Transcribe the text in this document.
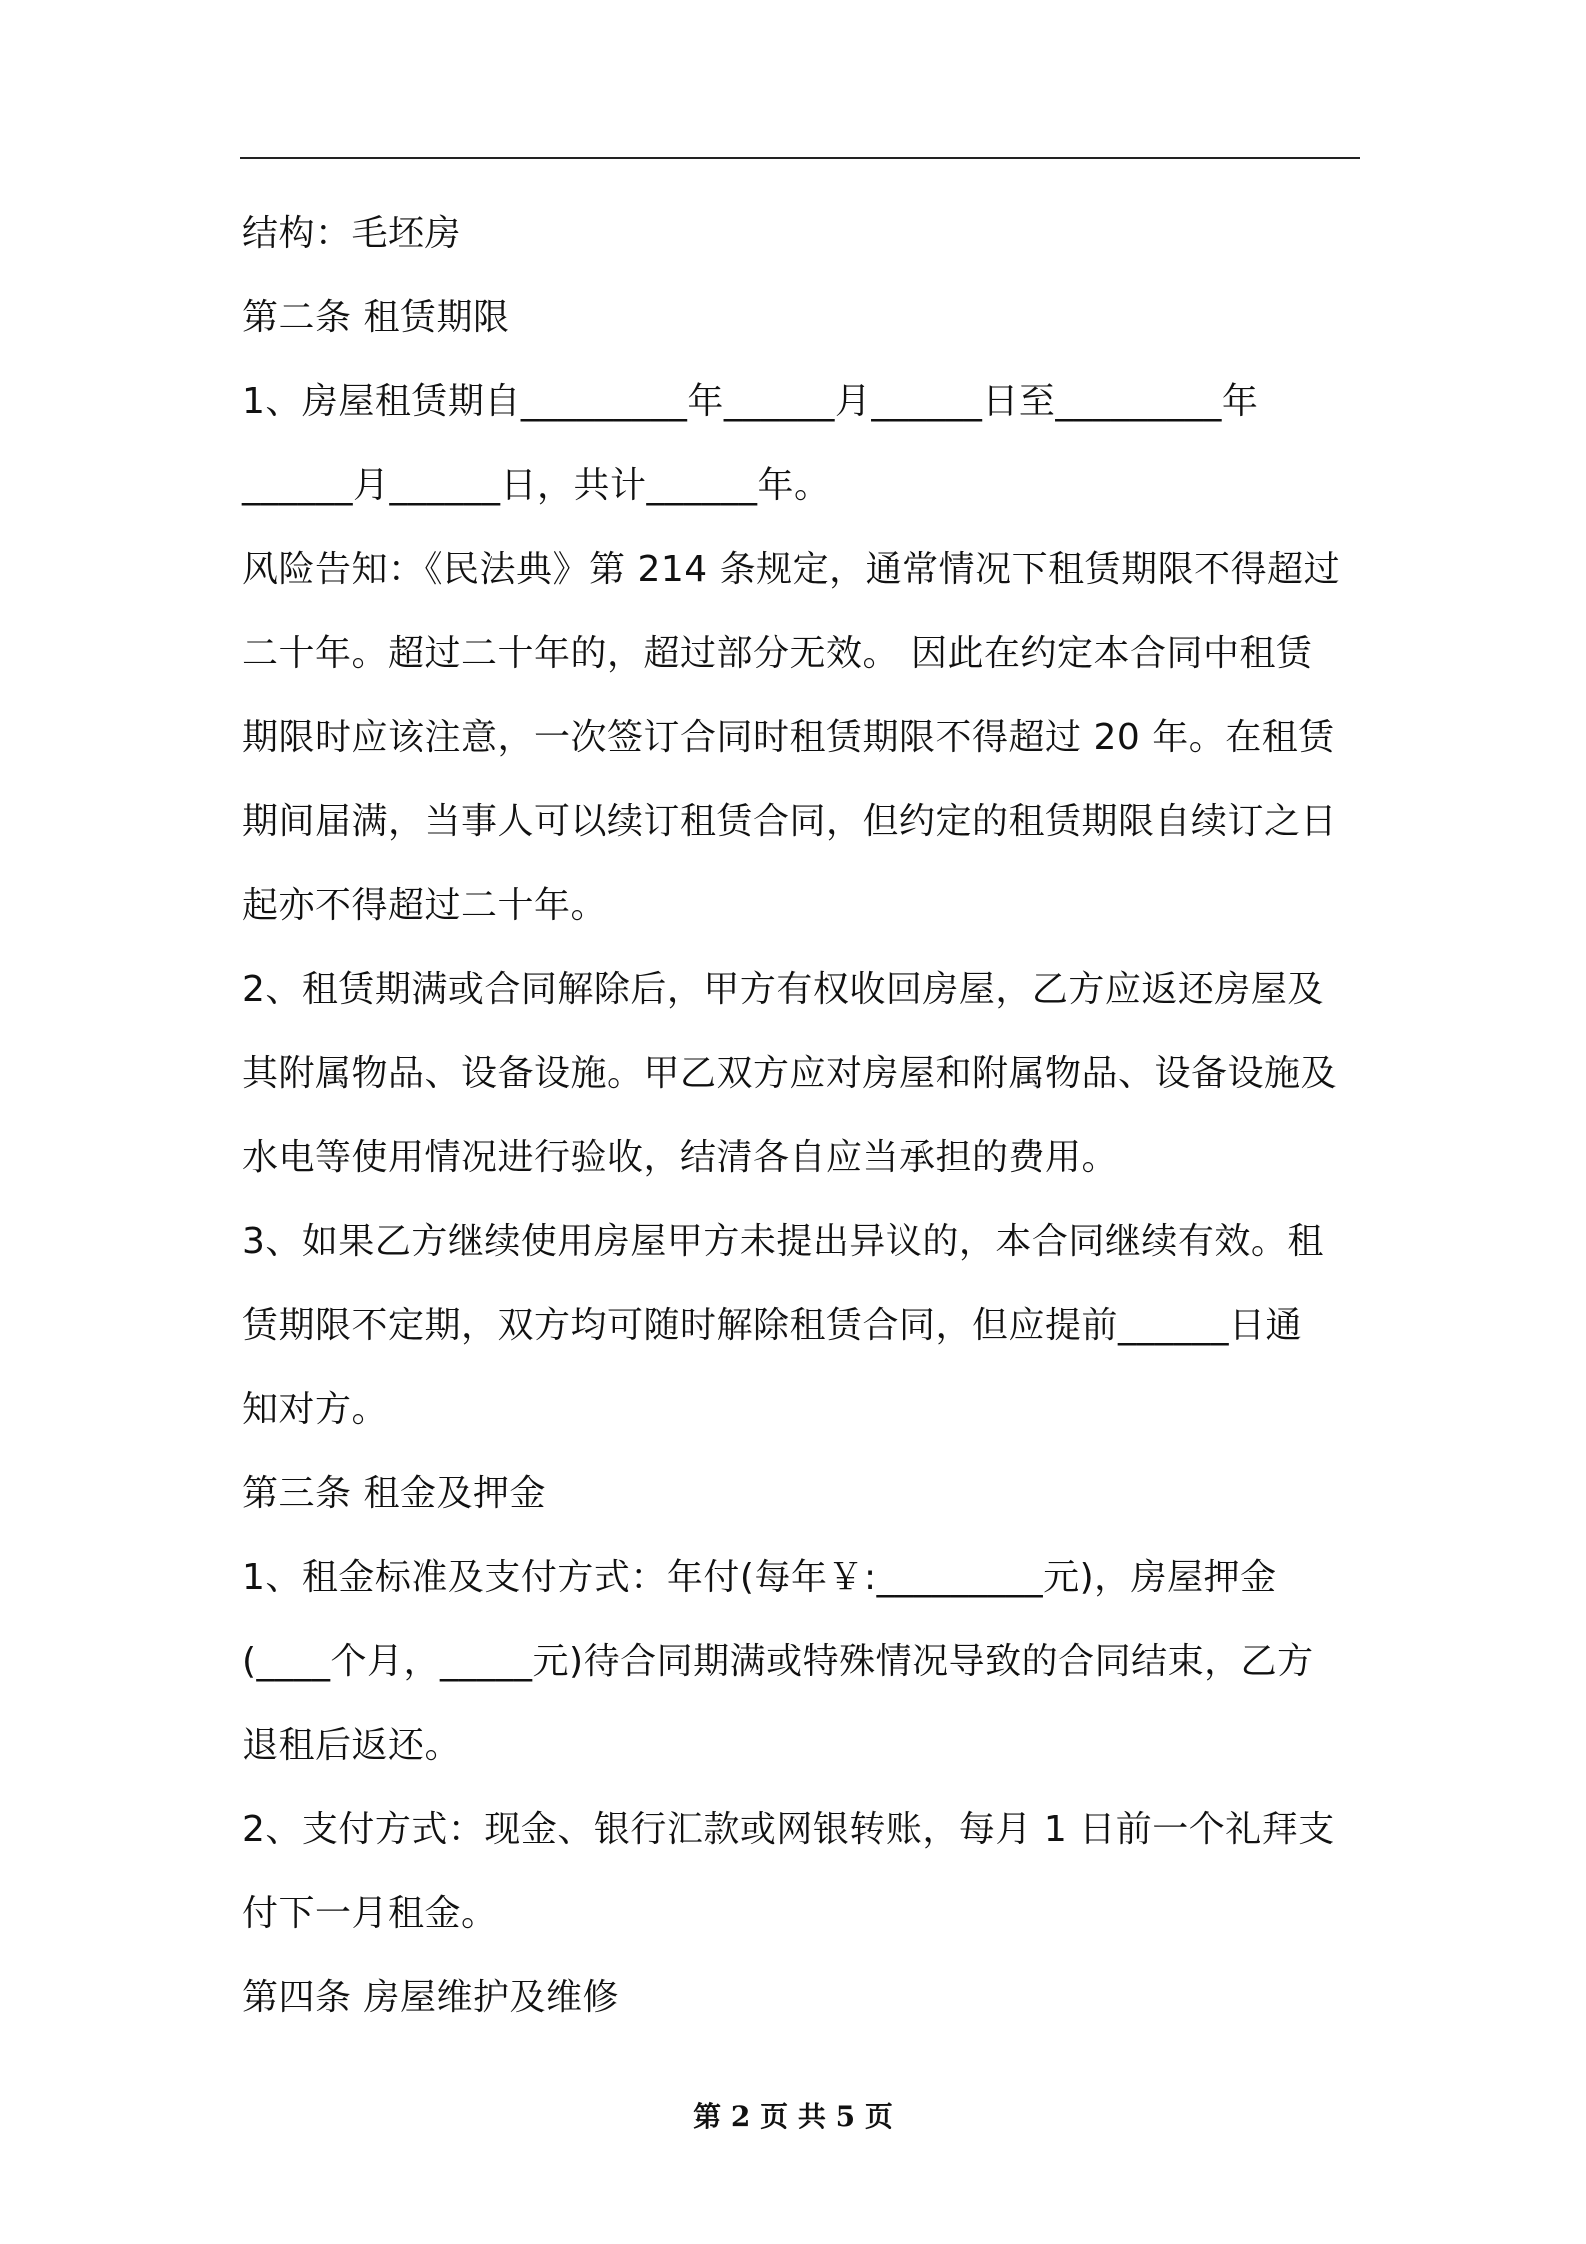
结构：毛坯房

第二条 租赁期限

1、房屋租赁期自_________年______月______日至_________年

______月______日，共计______年。

风险告知：《民法典》第 214 条规定，通常情况下租赁期限不得超过

二十年。超过二十年的，超过部分无效。 因此在约定本合同中租赁

期限时应该注意，一次签订合同时租赁期限不得超过 20 年。在租赁

期间届满，当事人可以续订租赁合同，但约定的租赁期限自续订之日

起亦不得超过二十年。

2、租赁期满或合同解除后，甲方有权收回房屋，乙方应返还房屋及

其附属物品、设备设施。甲乙双方应对房屋和附属物品、设备设施及

水电等使用情况进行验收，结清各自应当承担的费用。

3、如果乙方继续使用房屋甲方未提出异议的，本合同继续有效。租

赁期限不定期，双方均可随时解除租赁合同，但应提前______日通

知对方。

第三条 租金及押金

1、租金标准及支付方式：年付(每年￥:_________元)，房屋押金

(____个月，_____元)待合同期满或特殊情况导致的合同结束，乙方

退租后返还。

2、支付方式：现金、银行汇款或网银转账，每月 1 日前一个礼拜支

付下一月租金。

第四条 房屋维护及维修

第 2 页 共 5 页
